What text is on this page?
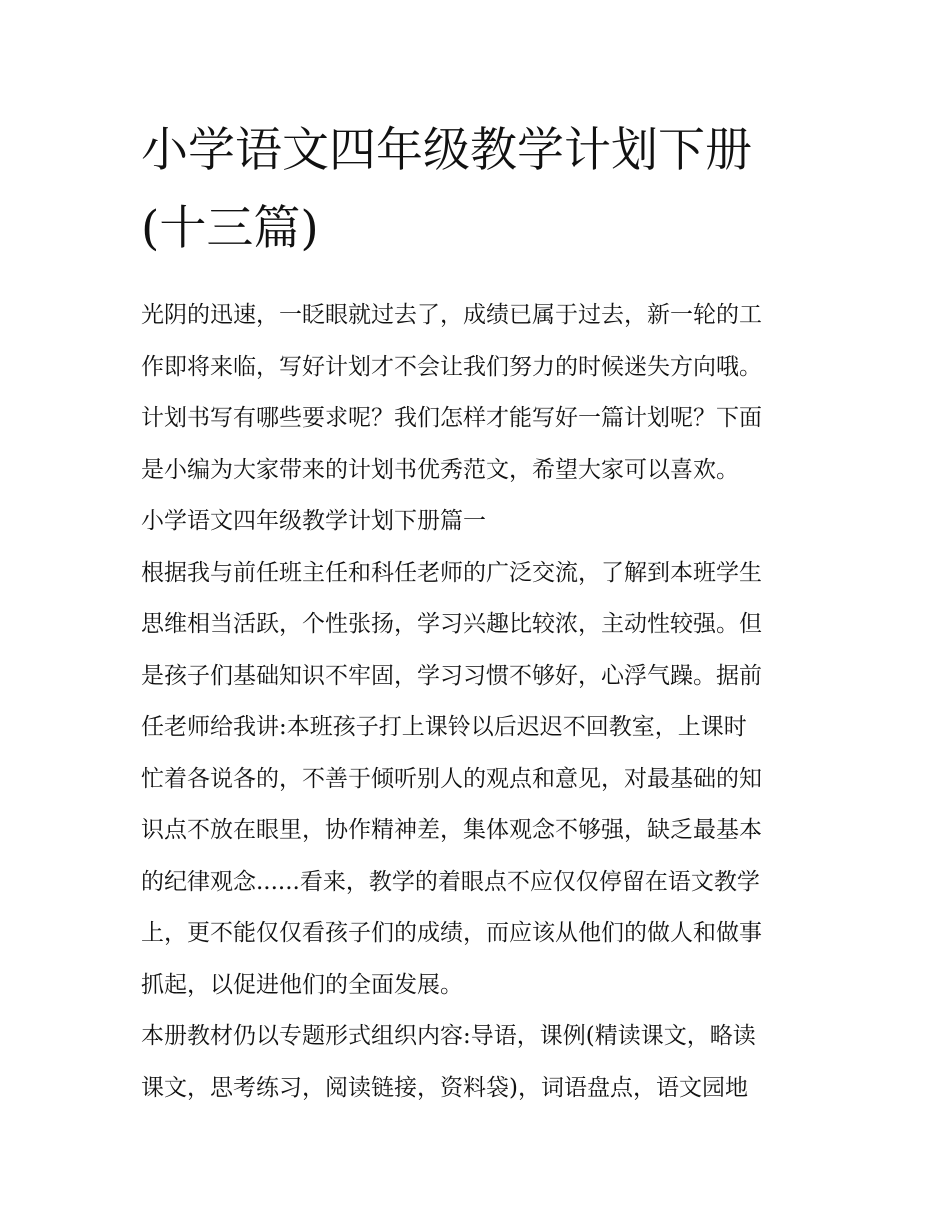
小学语文四年级教学计划下册
(十三篇)
光阴的迅速，一眨眼就过去了，成绩已属于过去，新一轮的工
作即将来临，写好计划才不会让我们努力的时候迷失方向哦。
计划书写有哪些要求呢？我们怎样才能写好一篇计划呢？下面
是小编为大家带来的计划书优秀范文，希望大家可以喜欢。
小学语文四年级教学计划下册篇一
根据我与前任班主任和科任老师的广泛交流，了解到本班学生
思维相当活跃，个性张扬，学习兴趣比较浓，主动性较强。但
是孩子们基础知识不牢固，学习习惯不够好，心浮气躁。据前
任老师给我讲:本班孩子打上课铃以后迟迟不回教室，上课时
忙着各说各的，不善于倾听别人的观点和意见，对最基础的知
识点不放在眼里，协作精神差，集体观念不够强，缺乏最基本
的纪律观念......看来，教学的着眼点不应仅仅停留在语文教学
上，更不能仅仅看孩子们的成绩，而应该从他们的做人和做事
抓起，以促进他们的全面发展。
本册教材仍以专题形式组织内容:导语，课例(精读课文，略读
课文，思考练习，阅读链接，资料袋)，词语盘点，语文园地
